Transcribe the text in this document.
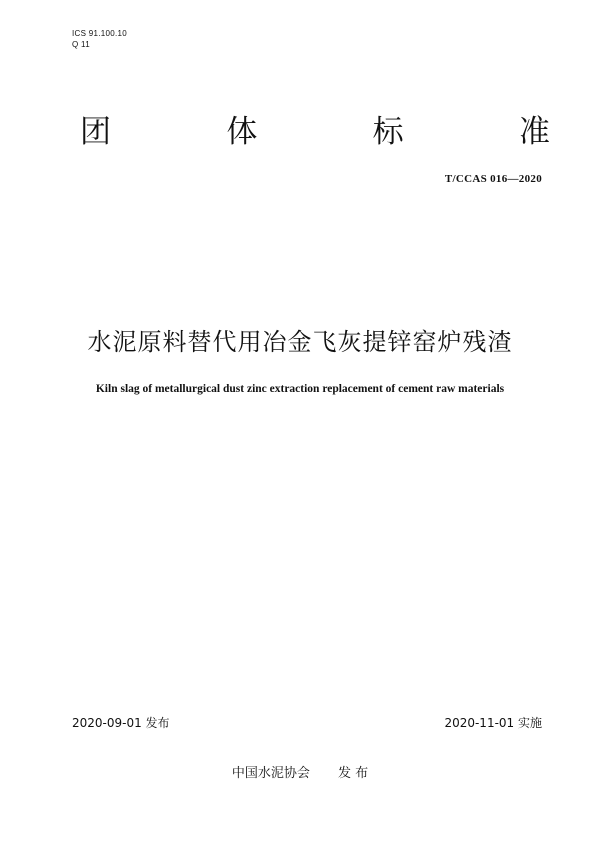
ICS 91.100.10
Q 11
团	体	标	准
T/CCAS 016—2020
水泥原料替代用冶金飞灰提锌窑炉残渣
Kiln slag of metallurgical dust zinc extraction replacement of cement raw materials
2020-09-01 发布	2020-11-01 实施
中国水泥协会 发 布
